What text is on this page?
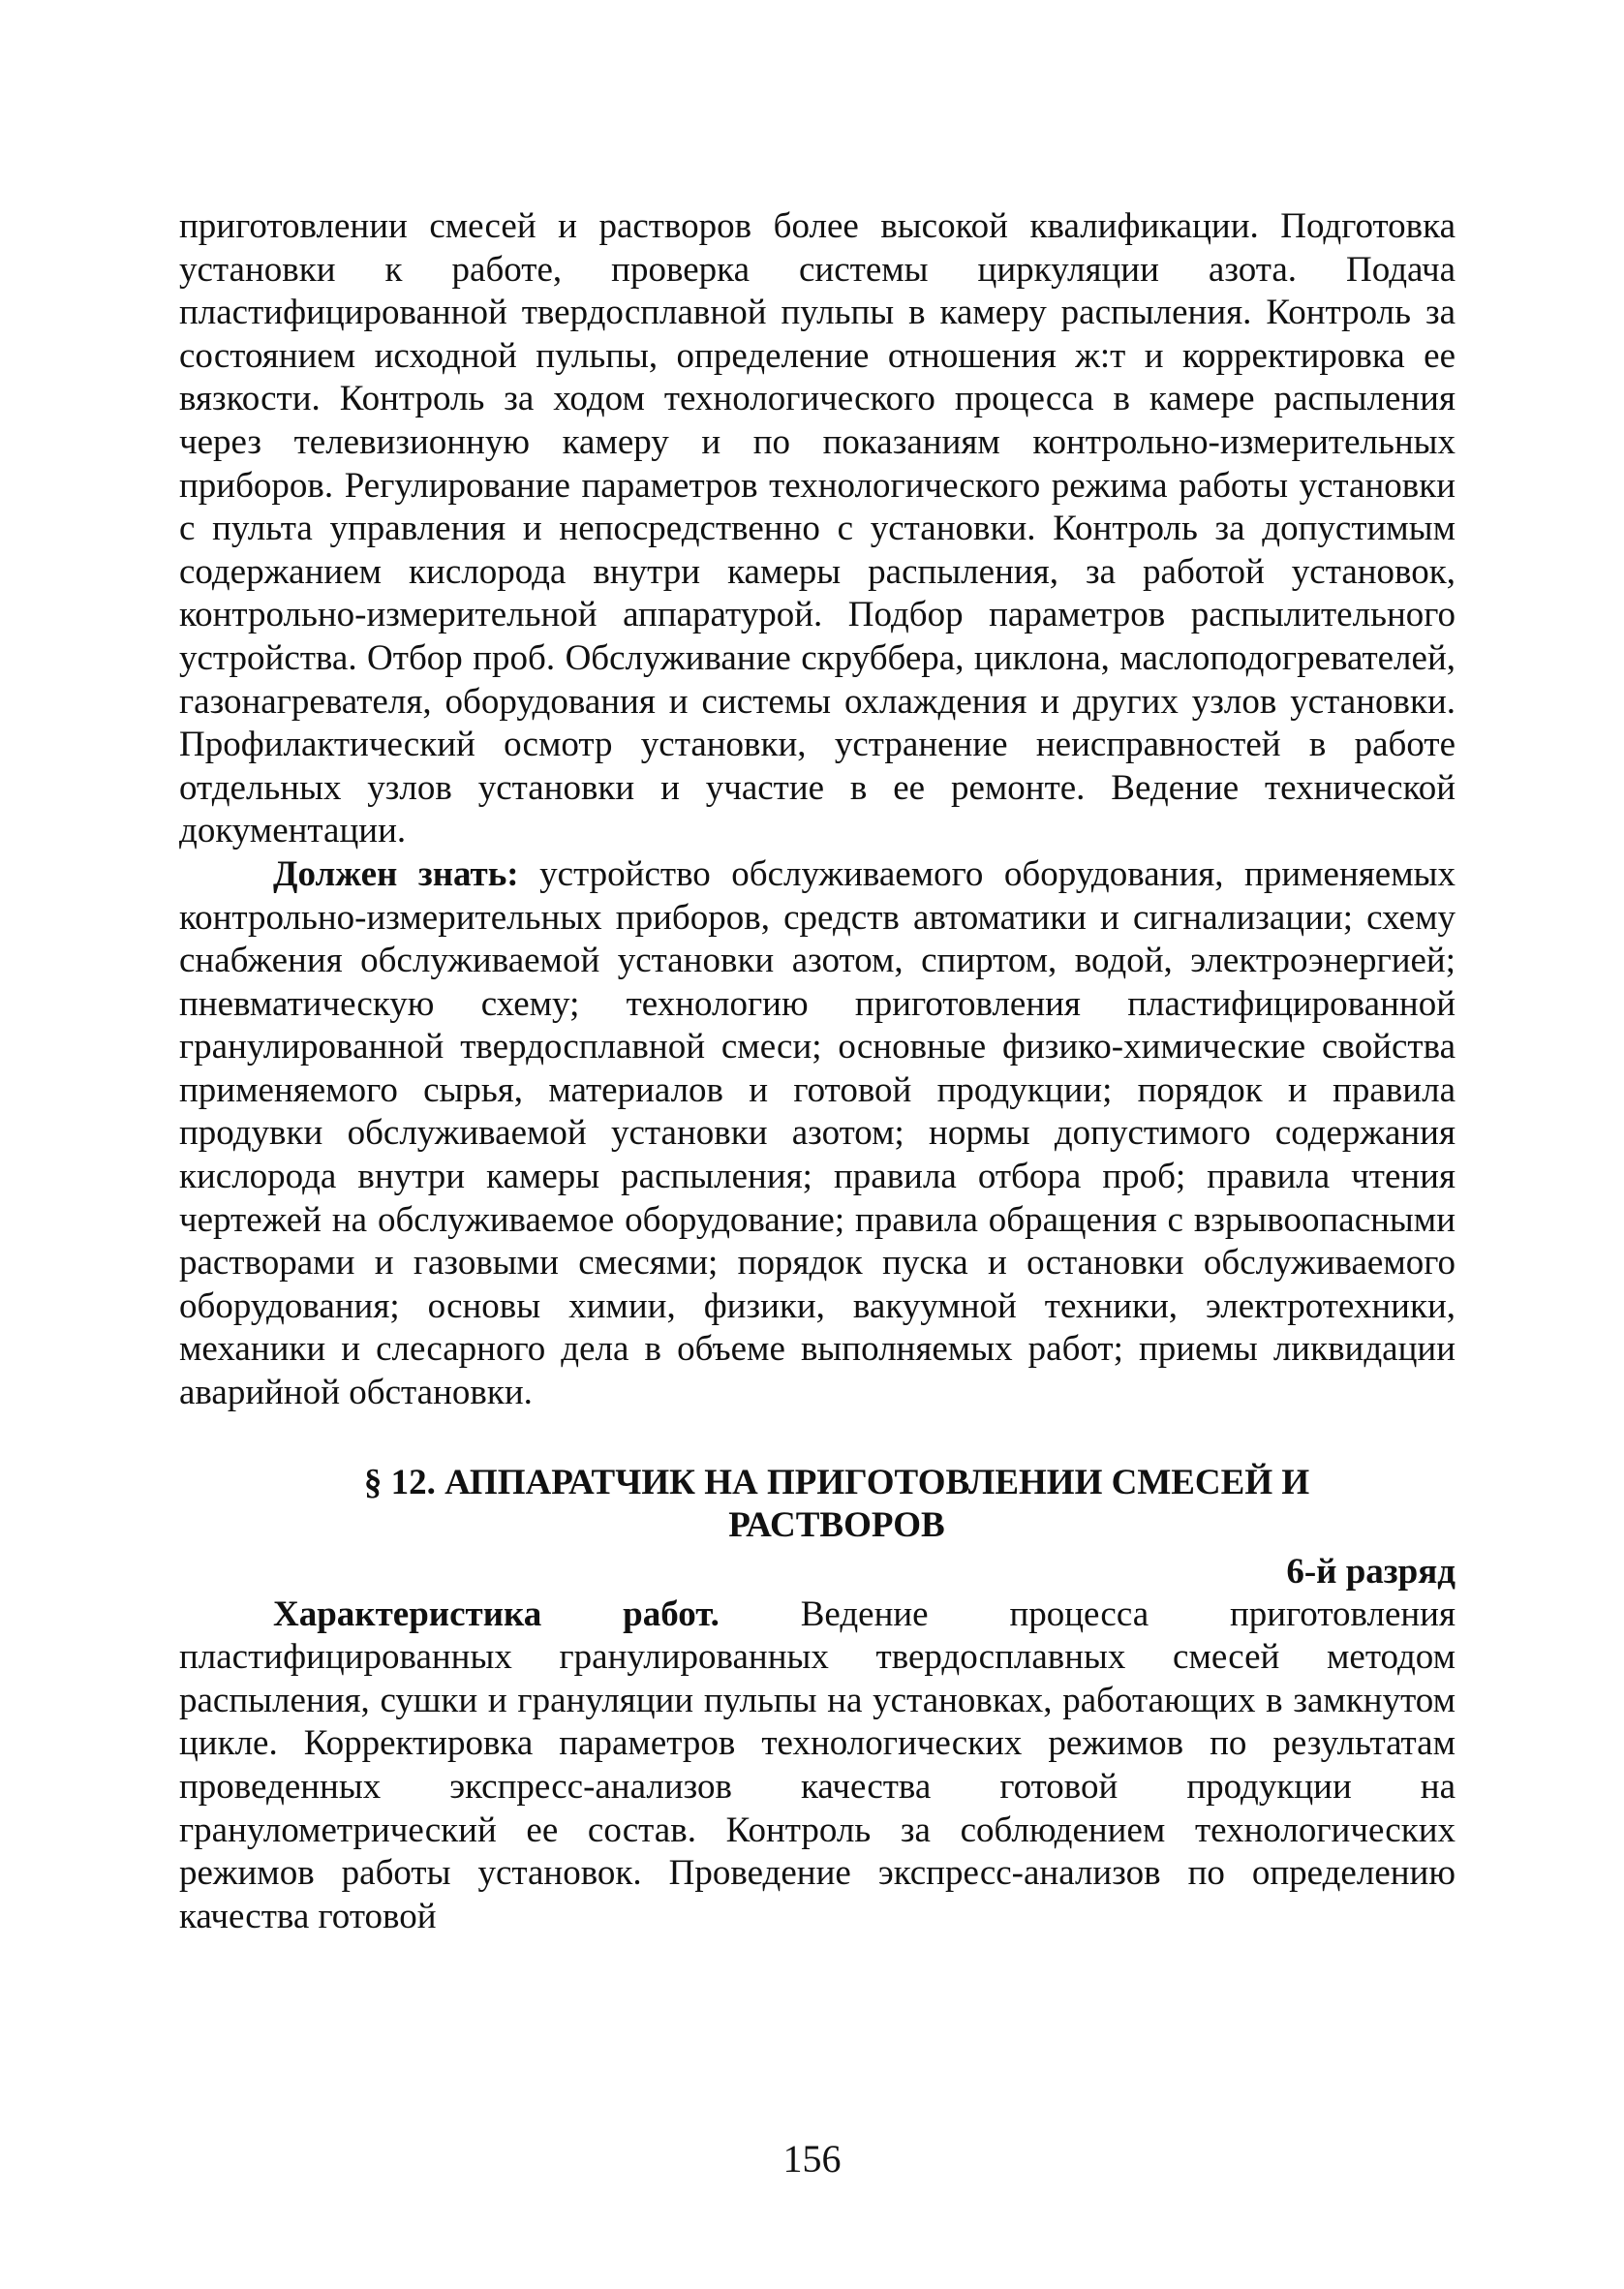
приготовлении смесей и растворов более высокой квалификации. Подготовка установки к работе, проверка системы циркуляции азота. Подача пластифицированной твердосплавной пульпы в камеру распыления. Контроль за состоянием исходной пульпы, определение отношения ж:т и корректировка ее вязкости. Контроль за ходом технологического процесса в камере распыления через телевизионную камеру и по показаниям контрольно-измерительных приборов. Регулирование параметров технологического режима работы установки с пульта управления и непосредственно с установки. Контроль за допустимым содержанием кислорода внутри камеры распыления, за работой установок, контрольно-измерительной аппаратурой. Подбор параметров распылительного устройства. Отбор проб. Обслуживание скруббера, циклона, маслоподогревателей, газонагревателя, оборудования и системы охлаждения и других узлов установки. Профилактический осмотр установки, устранение неисправностей в работе отдельных узлов установки и участие в ее ремонте. Ведение технической документации.

Должен знать: устройство обслуживаемого оборудования, применяемых контрольно-измерительных приборов, средств автоматики и сигнализации; схему снабжения обслуживаемой установки азотом, спиртом, водой, электроэнергией; пневматическую схему; технологию приготовления пластифицированной гранулированной твердосплавной смеси; основные физико-химические свойства применяемого сырья, материалов и готовой продукции; порядок и правила продувки обслуживаемой установки азотом; нормы допустимого содержания кислорода внутри камеры распыления; правила отбора проб; правила чтения чертежей на обслуживаемое оборудование; правила обращения с взрывоопасными растворами и газовыми смесями; порядок пуска и остановки обслуживаемого оборудования; основы химии, физики, вакуумной техники, электротехники, механики и слесарного дела в объеме выполняемых работ; приемы ликвидации аварийной обстановки.

§ 12. АППАРАТЧИК НА ПРИГОТОВЛЕНИИ СМЕСЕЙ И
РАСТВОРОВ

6-й разряд

Характеристика работ. Ведение процесса приготовления пластифицированных гранулированных твердосплавных смесей методом распыления, сушки и грануляции пульпы на установках, работающих в замкнутом цикле. Корректировка параметров технологических режимов по результатам проведенных экспресс-анализов качества готовой продукции на гранулометрический ее состав. Контроль за соблюдением технологических режимов работы установок. Проведение экспресс-анализов по определению качества готовой

156
